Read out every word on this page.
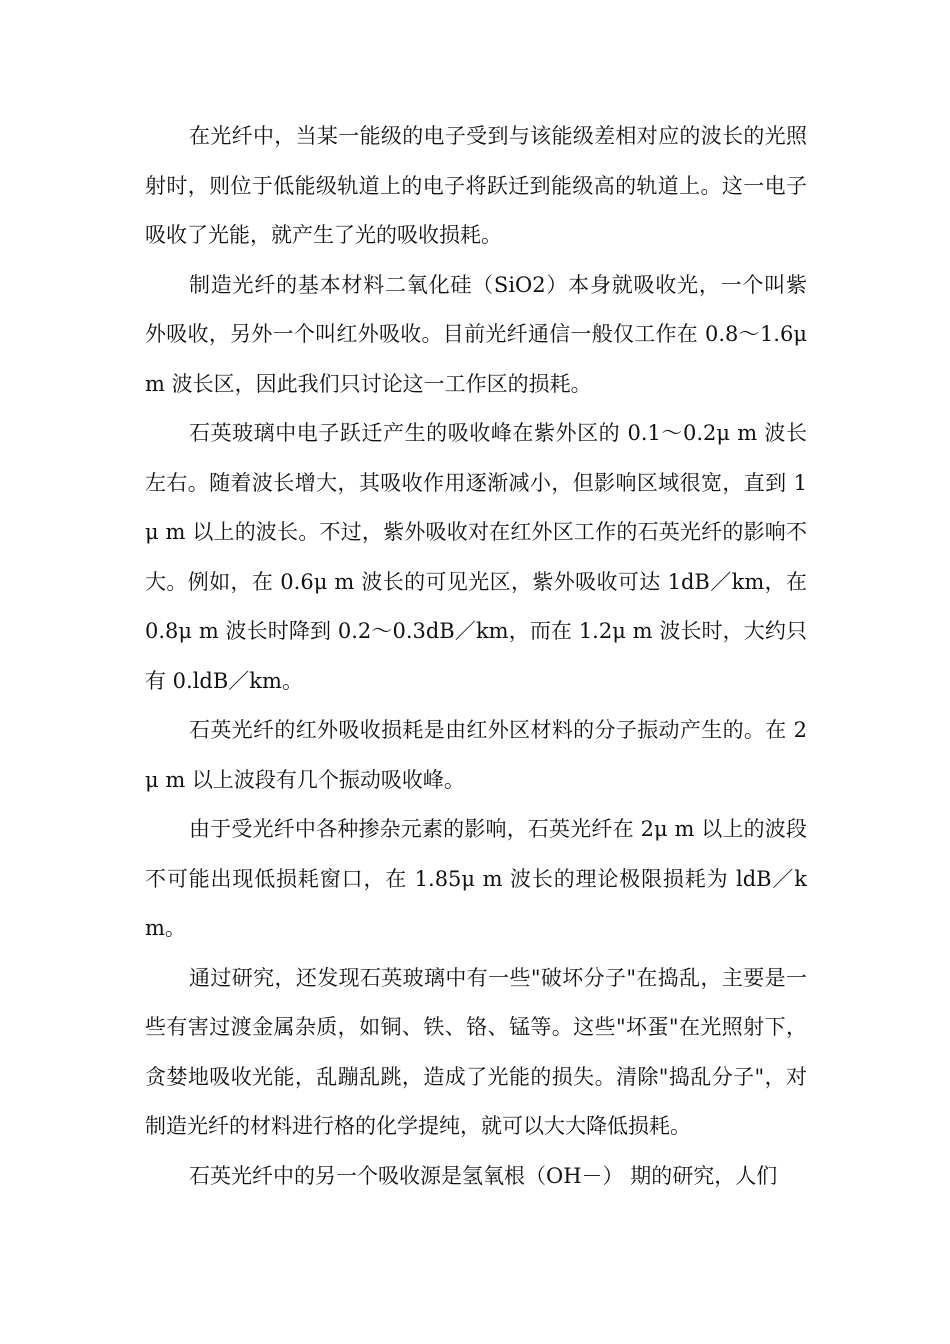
在光纤中，当某一能级的电子受到与该能级差相对应的波长的光照射时，则位于低能级轨道上的电子将跃迁到能级高的轨道上。这一电子吸收了光能，就产生了光的吸收损耗。

制造光纤的基本材料二氧化硅（SiO2）本身就吸收光，一个叫紫外吸收，另外一个叫红外吸收。目前光纤通信一般仅工作在 0.8～1.6μ m 波长区，因此我们只讨论这一工作区的损耗。

石英玻璃中电子跃迁产生的吸收峰在紫外区的 0.1～0.2μ m 波长左右。随着波长增大，其吸收作用逐渐减小，但影响区域很宽，直到 1μ m 以上的波长。不过，紫外吸收对在红外区工作的石英光纤的影响不大。例如，在 0.6μ m 波长的可见光区，紫外吸收可达 1dB／km，在 0.8μ m 波长时降到 0.2～0.3dB／km，而在 1.2μ m 波长时，大约只有 0.ldB／km。

石英光纤的红外吸收损耗是由红外区材料的分子振动产生的。在 2μ m 以上波段有几个振动吸收峰。

由于受光纤中各种掺杂元素的影响，石英光纤在 2μ m 以上的波段不可能出现低损耗窗口，在 1.85μ m 波长的理论极限损耗为 ldB／km。

通过研究，还发现石英玻璃中有一些"破坏分子"在捣乱，主要是一些有害过渡金属杂质，如铜、铁、铬、锰等。这些"坏蛋"在光照射下，贪婪地吸收光能，乱蹦乱跳，造成了光能的损失。清除"捣乱分子"，对制造光纤的材料进行格的化学提纯，就可以大大降低损耗。

石英光纤中的另一个吸收源是氢氧根（OH－） 期的研究，人们
